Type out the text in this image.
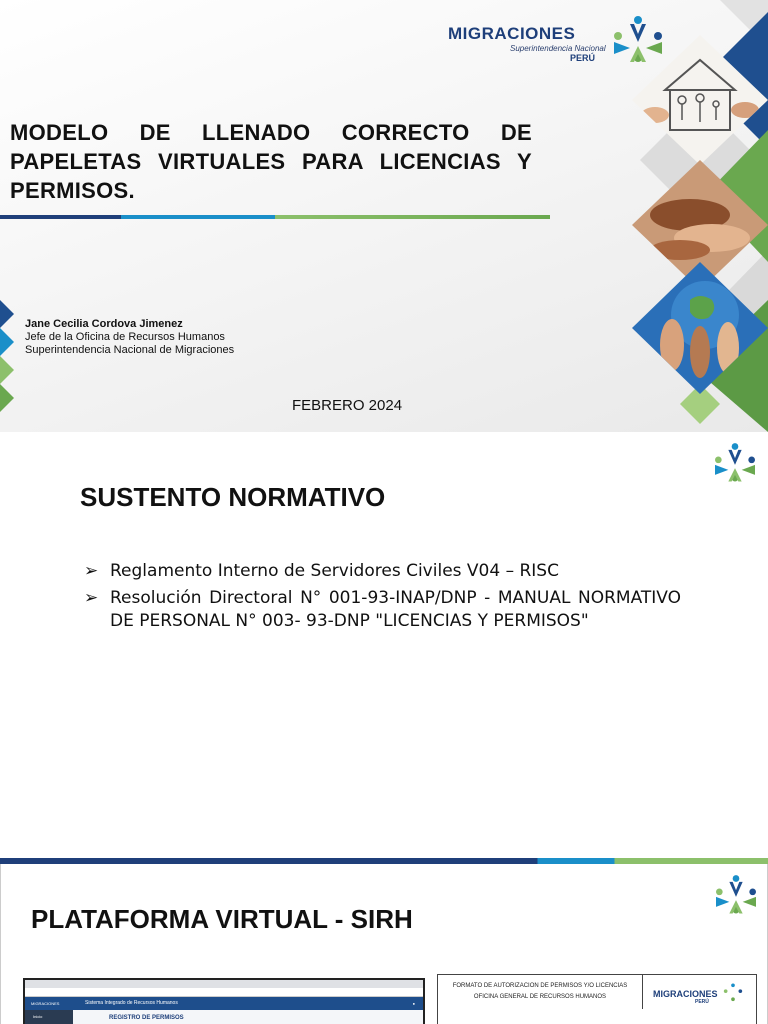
MIGRACIONES
Superintendencia Nacional
PERÚ
MODELO DE LLENADO CORRECTO DE PAPELETAS VIRTUALES PARA LICENCIAS Y PERMISOS.
Jane Cecilia Cordova Jimenez
Jefe de la Oficina de Recursos Humanos
Superintendencia Nacional de Migraciones
FEBRERO 2024
SUSTENTO NORMATIVO
➢ Reglamento Interno de Servidores Civiles V04 – RISC
➢ Resolución Directoral N° 001-93-INAP/DNP - MANUAL NORMATIVO DE PERSONAL N° 003- 93-DNP "LICENCIAS Y PERMISOS"
PLATAFORMA VIRTUAL - SIRH
MIGRACIONES	Sistema Integrado de Recursos Humanos	●
Inicio	REGISTRO DE PERMISOS
FORMATO DE AUTORIZACION DE PERMISOS Y/O LICENCIAS
OFICINA GENERAL DE RECURSOS HUMANOS	MIGRACIONES
PERÚ
